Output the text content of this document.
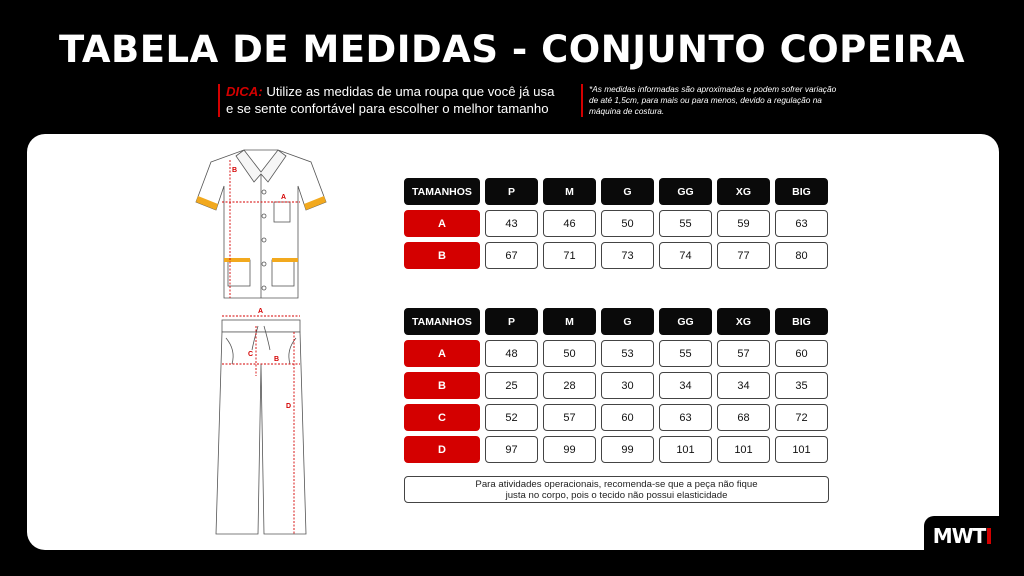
TABELA DE MEDIDAS - CONJUNTO COPEIRA
DICA: Utilize as medidas de uma roupa que você já usa e se sente confortável para escolher o melhor tamanho
*As medidas informadas são aproximadas e podem sofrer variação de até 1,5cm, para mais ou para menos, devido a regulação na máquina de costura.
A
B
A
B
C
D
TAMANHOS	P	M	G	GG	XG	BIG
A	43	46	50	55	59	63
B	67	71	73	74	77	80
TAMANHOS	P	M	G	GG	XG	BIG
A	48	50	53	55	57	60
B	25	28	30	34	34	35
C	52	57	60	63	68	72
D	97	99	99	101	101	101
Para atividades operacionais, recomenda-se que a peça não fique justa no corpo, pois o tecido não possui elasticidade
MWT
